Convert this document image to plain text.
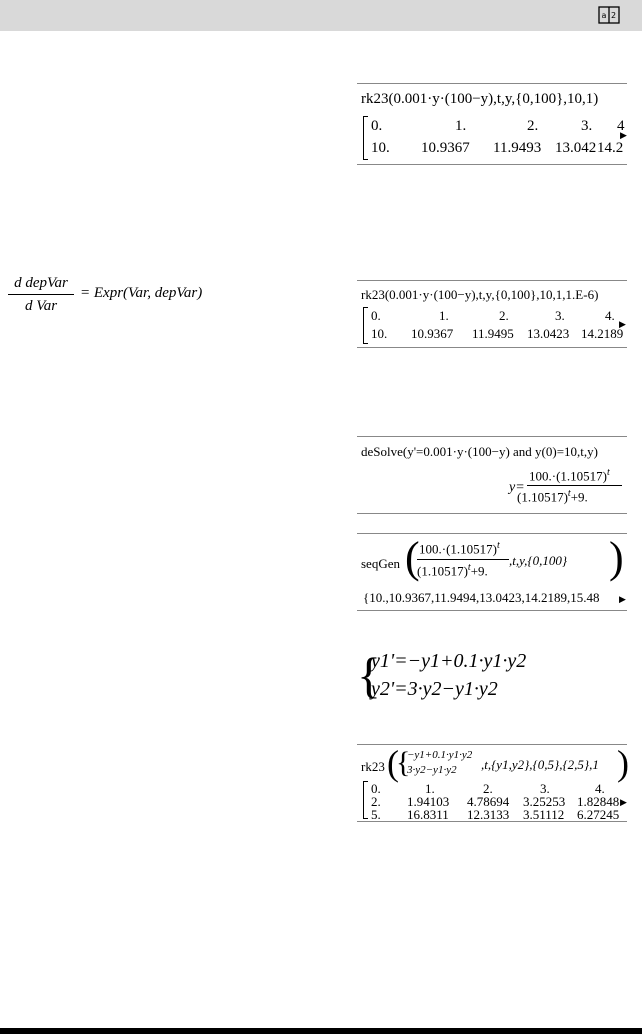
a 2
d depVar
d Var
= Expr(Var, depVar)
rk23(0.001·y·(100−y),t,y,{0,100},10,1)
0.	1.	2.	3. 4
10. 10.9367 11.9493 13.042 14.2
▶
rk23(0.001·y·(100−y),t,y,{0,100},10,1,1.E-6)
0.	1.	2.	3.	4.
10. 10.9367 11.9495 13.0423 14.2189
▶
deSolve(y'=0.001·y·(100−y) and y(0)=10,t,y)
y=
$100.\cdot(1.10517)^t$
$(1.10517)^t+9$.
seqGen ( $100.\cdot(1.10517)^t$
$(1.10517)^t+9$.
,t,y,{0,100} )
{10.,10.9367,11.9494,13.0423,14.2189,15.48 ▶
{
y1'=−y1+0.1·y1·y2
y2'=3·y2−y1·y2
rk23 (
{
−y1+0.1·y1·y2
3·y2−y1·y2 ,t,{y1,y2},{0,5},{2,5},1 )
0.	1.	2.	3.	4.
2. 1.94103 4.78694 3.25253 1.82848
5. 16.8311 12.3133 3.51112 6.27245
▶
